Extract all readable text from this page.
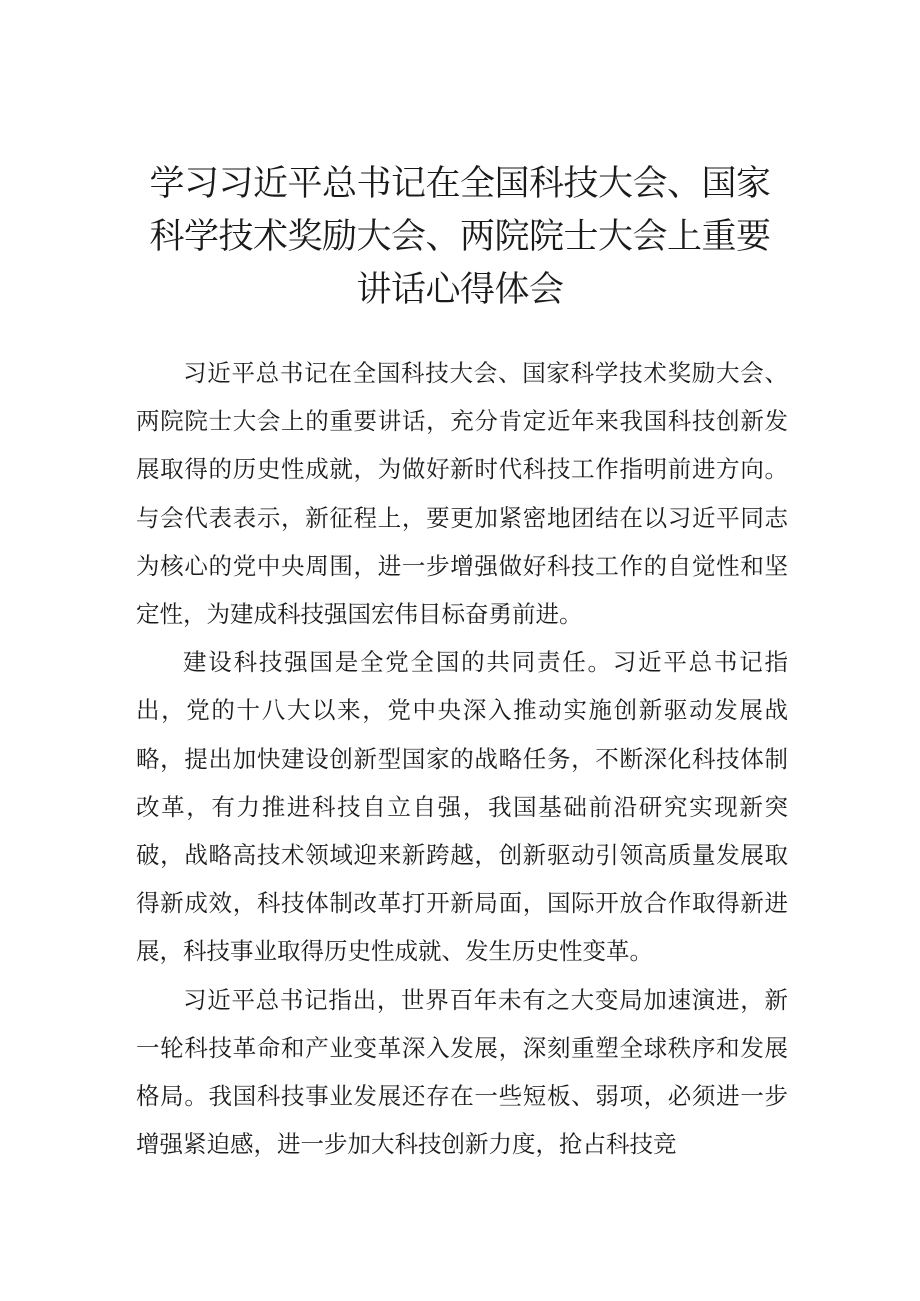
学习习近平总书记在全国科技大会、国家
科学技术奖励大会、两院院士大会上重要
讲话心得体会

习近平总书记在全国科技大会、国家科学技术奖励大会、两院院士大会上的重要讲话，充分肯定近年来我国科技创新发展取得的历史性成就，为做好新时代科技工作指明前进方向。与会代表表示，新征程上，要更加紧密地团结在以习近平同志为核心的党中央周围，进一步增强做好科技工作的自觉性和坚定性，为建成科技强国宏伟目标奋勇前进。

建设科技强国是全党全国的共同责任。习近平总书记指出，党的十八大以来，党中央深入推动实施创新驱动发展战略，提出加快建设创新型国家的战略任务，不断深化科技体制改革，有力推进科技自立自强，我国基础前沿研究实现新突破，战略高技术领域迎来新跨越，创新驱动引领高质量发展取得新成效，科技体制改革打开新局面，国际开放合作取得新进展，科技事业取得历史性成就、发生历史性变革。

习近平总书记指出，世界百年未有之大变局加速演进，新一轮科技革命和产业变革深入发展，深刻重塑全球秩序和发展格局。我国科技事业发展还存在一些短板、弱项，必须进一步增强紧迫感，进一步加大科技创新力度，抢占科技竞
